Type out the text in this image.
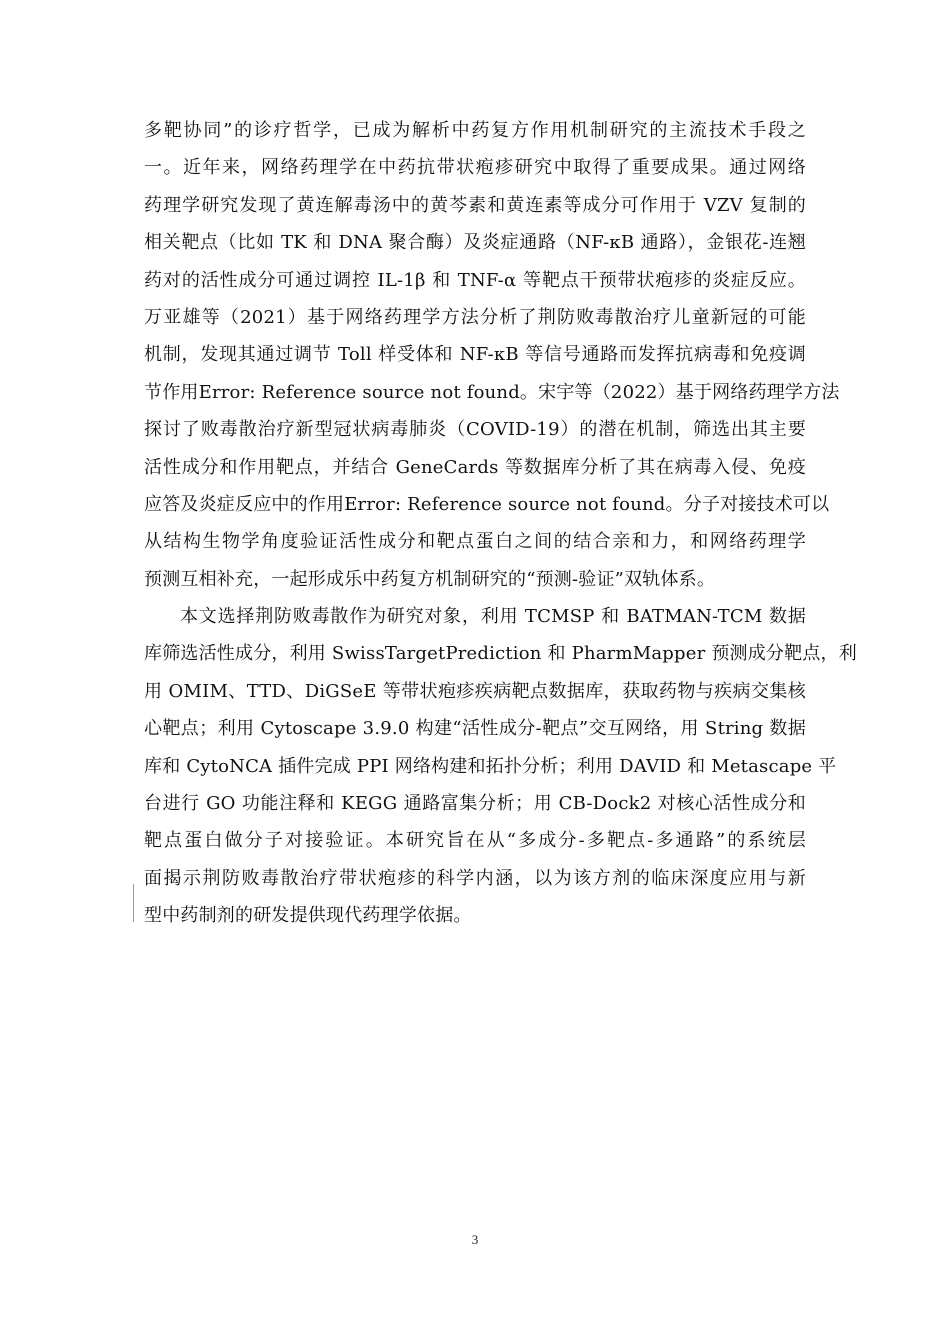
多靶协同”的诊疗哲学，已成为解析中药复方作用机制研究的主流技术手段之
一。近年来，网络药理学在中药抗带状疱疹研究中取得了重要成果。通过网络
药理学研究发现了黄连解毒汤中的黄芩素和黄连素等成分可作用于 VZV 复制的
相关靶点（比如 TK 和 DNA 聚合酶）及炎症通路（NF-κB 通路），金银花-连翘
药对的活性成分可通过调控 IL-1β 和 TNF-α 等靶点干预带状疱疹的炎症反应。
万亚雄等（2021）基于网络药理学方法分析了荆防败毒散治疗儿童新冠的可能
机制，发现其通过调节 Toll 样受体和 NF-κB 等信号通路而发挥抗病毒和免疫调
节作用Error: Reference source not found。宋宇等（2022）基于网络药理学方法
探讨了败毒散治疗新型冠状病毒肺炎（COVID-19）的潜在机制，筛选出其主要
活性成分和作用靶点，并结合 GeneCards 等数据库分析了其在病毒入侵、免疫
应答及炎症反应中的作用Error: Reference source not found。分子对接技术可以
从结构生物学角度验证活性成分和靶点蛋白之间的结合亲和力，和网络药理学
预测互相补充，一起形成乐中药复方机制研究的“预测-验证”双轨体系。
本文选择荆防败毒散作为研究对象，利用 TCMSP 和 BATMAN-TCM 数据
库筛选活性成分，利用 SwissTargetPrediction 和 PharmMapper 预测成分靶点，利
用 OMIM、TTD、DiGSeE 等带状疱疹疾病靶点数据库，获取药物与疾病交集核
心靶点；利用 Cytoscape 3.9.0 构建“活性成分-靶点”交互网络，用 String 数据
库和 CytoNCA 插件完成 PPI 网络构建和拓扑分析；利用 DAVID 和 Metascape 平
台进行 GO 功能注释和 KEGG 通路富集分析；用 CB-Dock2 对核心活性成分和
靶点蛋白做分子对接验证。本研究旨在从“多成分-多靶点-多通路”的系统层
面揭示荆防败毒散治疗带状疱疹的科学内涵，以为该方剂的临床深度应用与新
型中药制剂的研发提供现代药理学依据。
3
